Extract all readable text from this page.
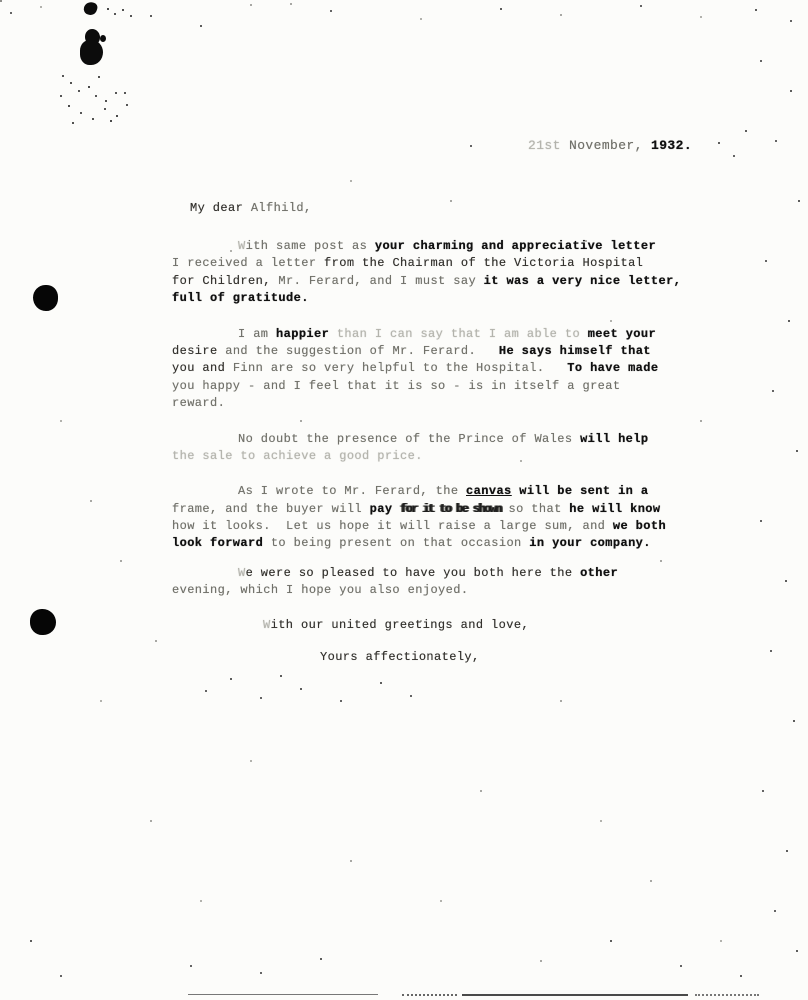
21st November, 1932.
My dear Alfhild,
With same post as your charming and appreciative letter
I received a letter from the Chairman of the Victoria Hospital
for Children, Mr. Ferard, and I must say it was a very nice letter,
full of gratitude.
I am happier than I can say that I am able to meet your
desire and the suggestion of Mr. Ferard.   He says himself that
you and Finn are so very helpful to the Hospital.   To have made
you happy - and I feel that it is so - is in itself a great
reward.
No doubt the presence of the Prince of Wales will help
the sale to achieve a good price.
As I wrote to Mr. Ferard, the canvas will be sent in a
frame, and the buyer will pay for it to be shown so that he will know
how it looks.  Let us hope it will raise a large sum, and we both
look forward to being present on that occasion in your company.
We were so pleased to have you both here the other
evening, which I hope you also enjoyed.
With our united greetings and love,
Yours affectionately,
